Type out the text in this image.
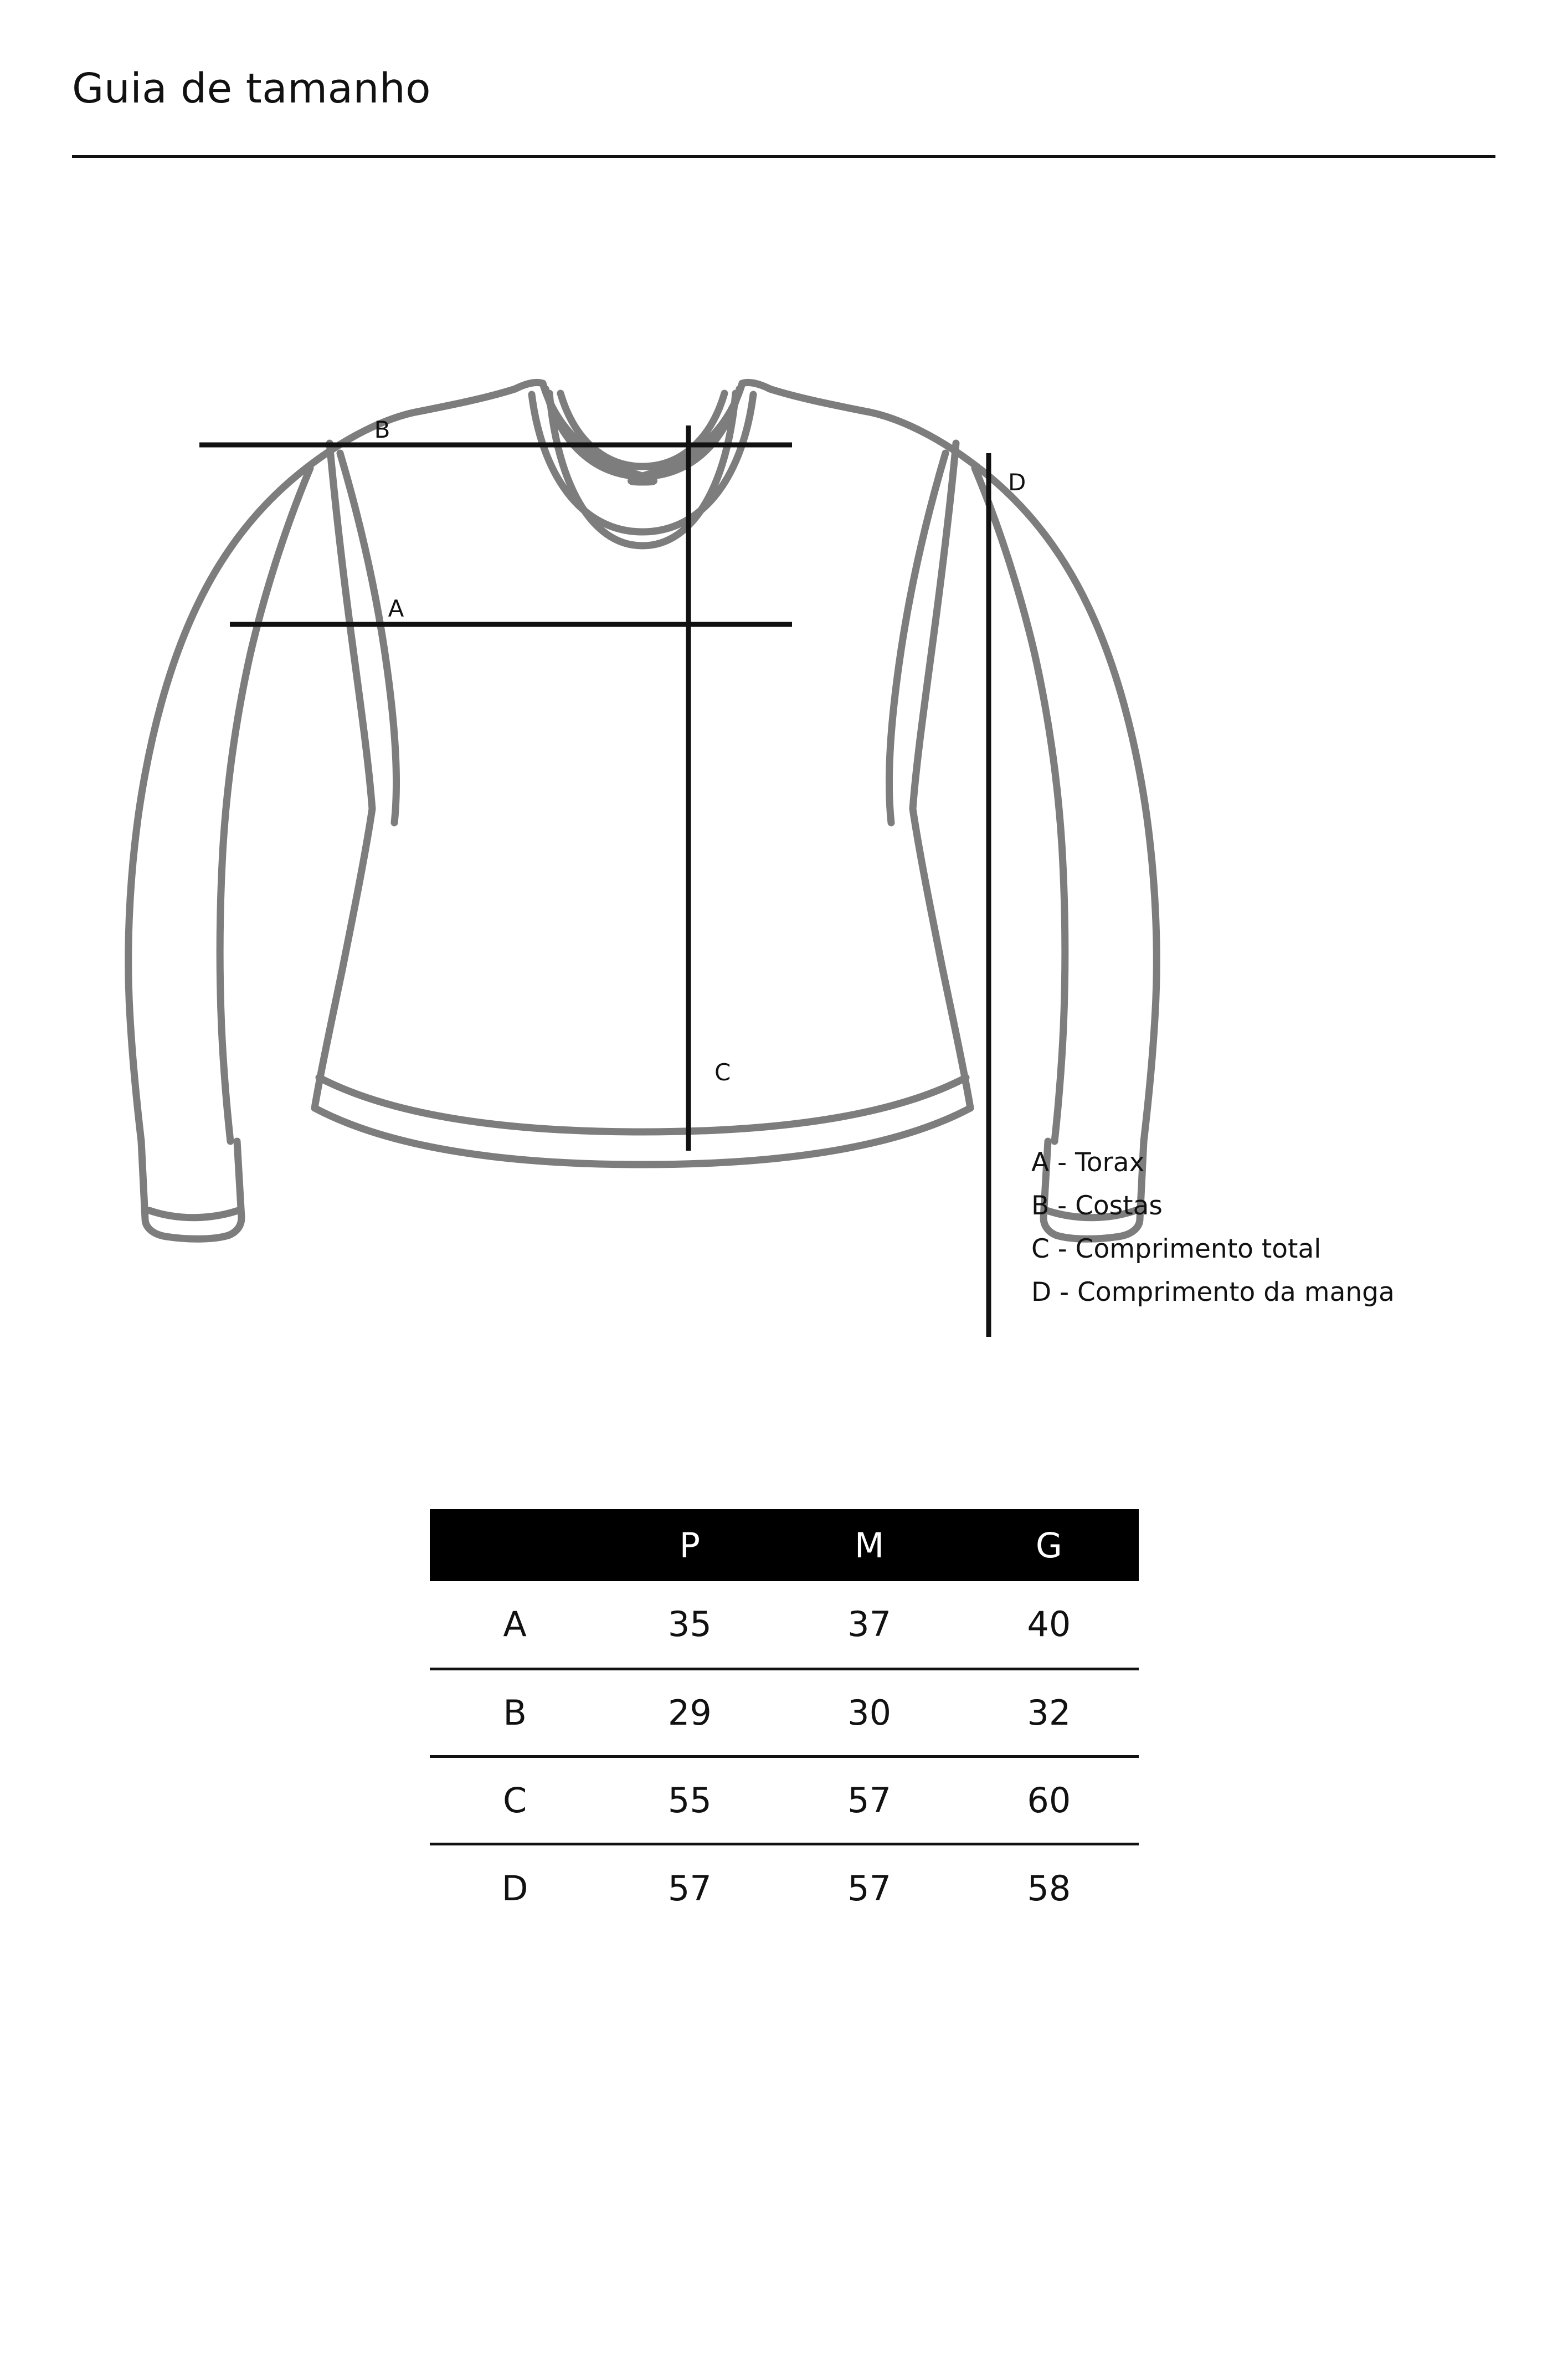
Guia de tamanho
B
A
C
D
A - Torax
B - Costas
C - Comprimento total
D - Comprimento da manga
	P	M	G
A	35	37	40
B	29	30	32
C	55	57	60
D	57	57	58
